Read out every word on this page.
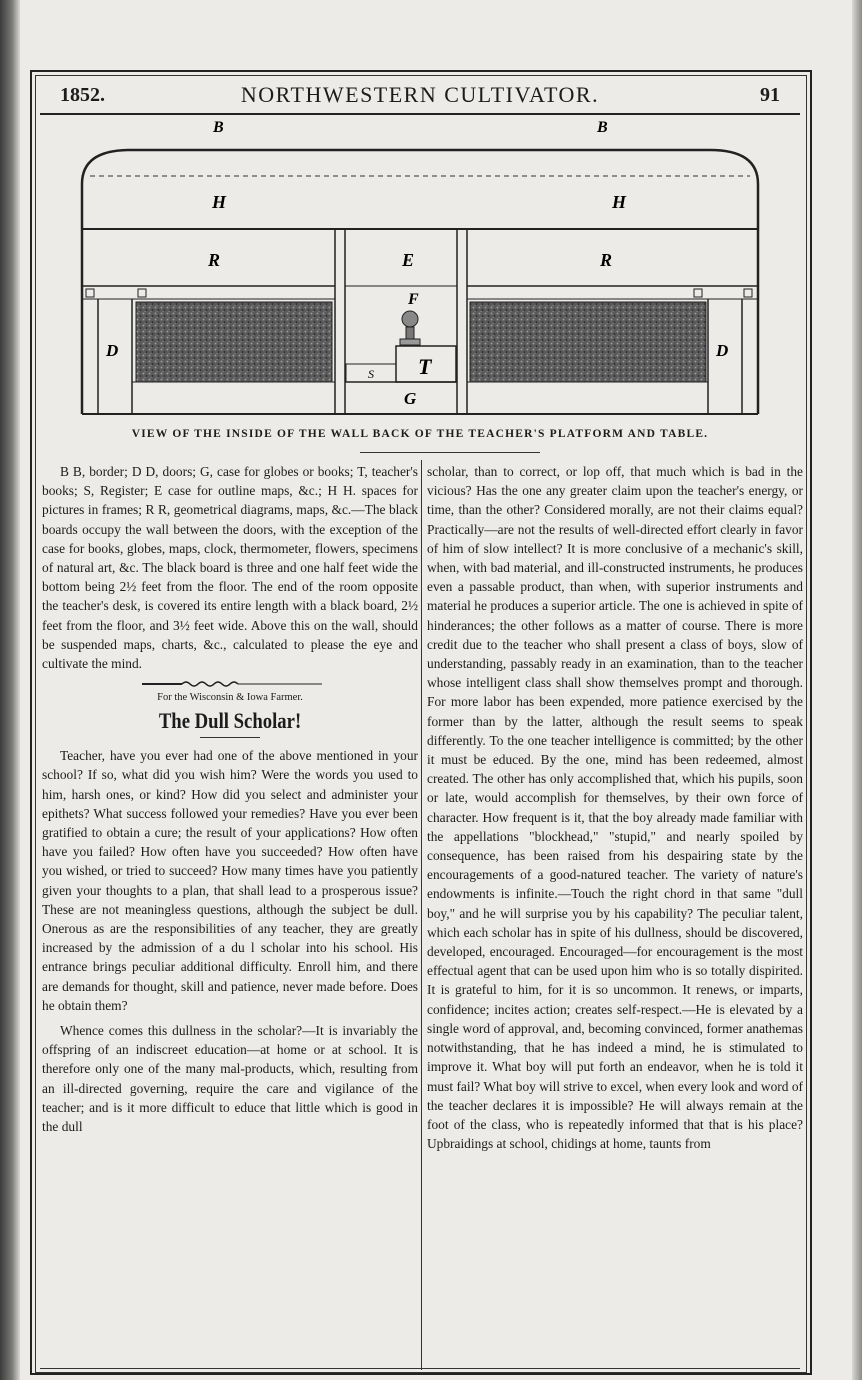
1852.	NORTHWESTERN CULTIVATOR.	91
B	B
H	H
R	E	R
D	D
F
T
S
G
VIEW OF THE INSIDE OF THE WALL BACK OF THE TEACHER'S PLATFORM AND TABLE.

B B, border; D D, doors; G, case for globes or books; T, teacher's books; S, Register; E case for outline maps, &c.; H H. spaces for pictures in frames; R R, geometrical diagrams, maps, &c.—The black boards occupy the wall between the doors, with the exception of the case for books, globes, maps, clock, thermometer, flowers, specimens of natural art, &c. The black board is three and one half feet wide the bottom being 2½ feet from the floor. The end of the room opposite the teacher's desk, is covered its entire length with a black board, 2½ feet from the floor, and 3½ feet wide. Above this on the wall, should be suspended maps, charts, &c., calculated to please the eye and cultivate the mind.

For the Wisconsin & Iowa Farmer.

The Dull Scholar!

Teacher, have you ever had one of the above mentioned in your school? If so, what did you wish him? Were the words you used to him, harsh ones, or kind? How did you select and administer your epithets? What success followed your remedies? Have you ever been gratified to obtain a cure; the result of your applications? How often have you failed? How often have you succeeded? How often have you wished, or tried to succeed? How many times have you patiently given your thoughts to a plan, that shall lead to a prosperous issue? These are not meaningless questions, although the subject be dull. Onerous as are the responsibilities of any teacher, they are greatly increased by the admission of a du l scholar into his school. His entrance brings peculiar additional difficulty. Enroll him, and there are demands for thought, skill and patience, never made before. Does he obtain them?

Whence comes this dullness in the scholar?—It is invariably the offspring of an indiscreet education—at home or at school. It is therefore only one of the many mal-products, which, resulting from an ill-directed governing, require the care and vigilance of the teacher; and is it more difficult to educe that little which is good in the dull

scholar, than to correct, or lop off, that much which is bad in the vicious? Has the one any greater claim upon the teacher's energy, or time, than the other? Considered morally, are not their claims equal? Practically—are not the results of well-directed effort clearly in favor of him of slow intellect? It is more conclusive of a mechanic's skill, when, with bad material, and ill-constructed instruments, he produces even a passable product, than when, with superior instruments and material he produces a superior article. The one is achieved in spite of hinderances; the other follows as a matter of course. There is more credit due to the teacher who shall present a class of boys, slow of understanding, passably ready in an examination, than to the teacher whose intelligent class shall show themselves prompt and thorough. For more labor has been expended, more patience exercised by the former than by the latter, although the result seems to speak differently. To the one teacher intelligence is committed; by the other it must be educed. By the one, mind has been redeemed, almost created. The other has only accomplished that, which his pupils, soon or late, would accomplish for themselves, by their own force of character. How frequent is it, that the boy already made familiar with the appellations "blockhead," "stupid," and nearly spoiled by consequence, has been raised from his despairing state by the encouragements of a good-natured teacher. The variety of nature's endowments is infinite.—Touch the right chord in that same "dull boy," and he will surprise you by his capability? The peculiar talent, which each scholar has in spite of his dullness, should be discovered, developed, encouraged. Encouraged—for encouragement is the most effectual agent that can be used upon him who is so totally dispirited. It is grateful to him, for it is so uncommon. It renews, or imparts, confidence; incites action; creates self-respect.—He is elevated by a single word of approval, and, becoming convinced, former anathemas notwithstanding, that he has indeed a mind, he is stimulated to improve it. What boy will put forth an endeavor, when he is told it must fail? What boy will strive to excel, when every look and word of the teacher declares it is impossible? He will always remain at the foot of the class, who is repeatedly informed that that is his place? Upbraidings at school, chidings at home, taunts from
